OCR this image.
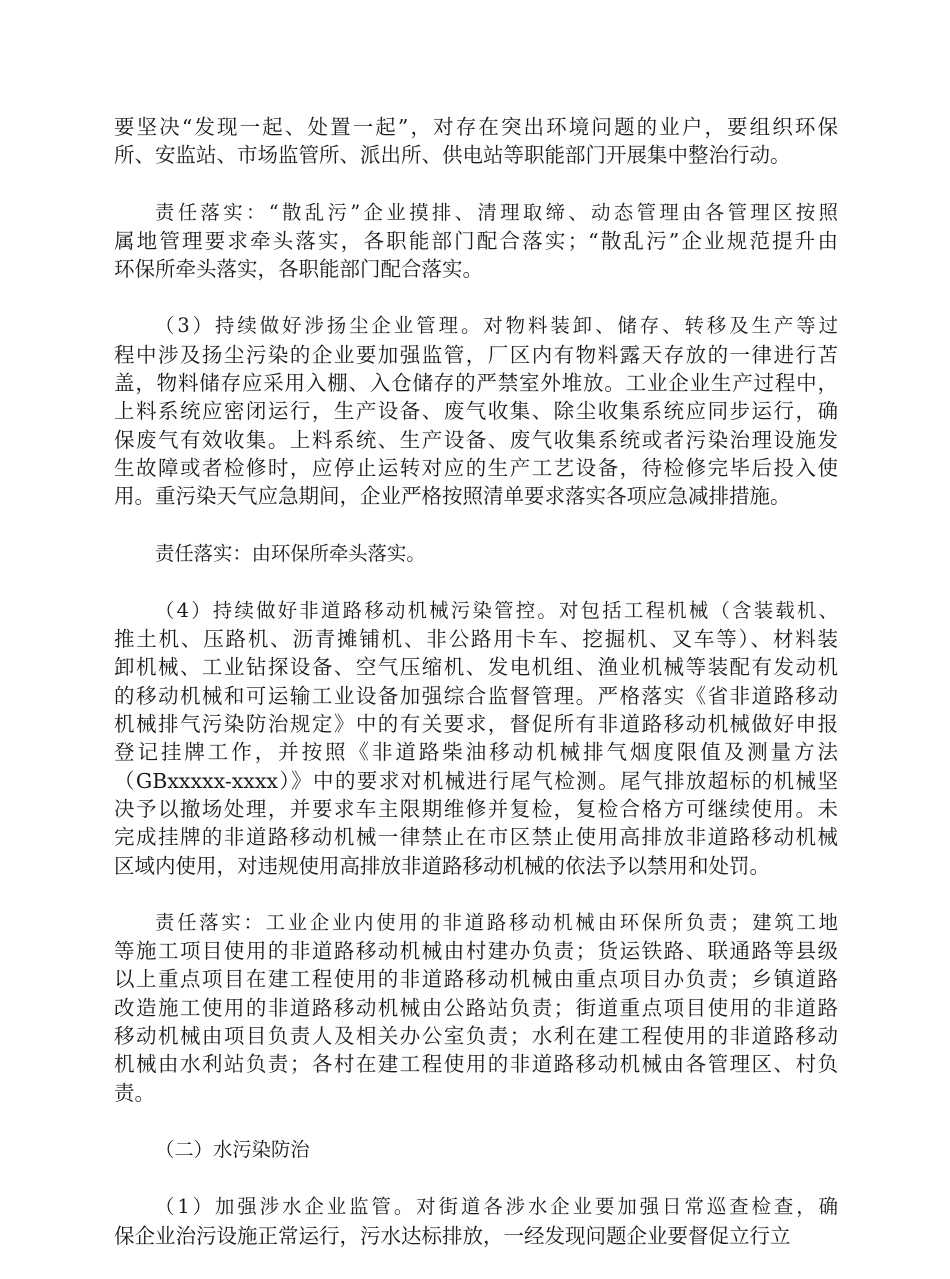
要坚决“发现一起、处置一起”，对存在突出环境问题的业户，要组织环保
所、安监站、市场监管所、派出所、供电站等职能部门开展集中整治行动。
责任落实：“散乱污”企业摸排、清理取缔、动态管理由各管理区按照
属地管理要求牵头落实，各职能部门配合落实；“散乱污”企业规范提升由
环保所牵头落实，各职能部门配合落实。
（3）持续做好涉扬尘企业管理。对物料装卸、储存、转移及生产等过
程中涉及扬尘污染的企业要加强监管，厂区内有物料露天存放的一律进行苫
盖，物料储存应采用入棚、入仓储存的严禁室外堆放。工业企业生产过程中，
上料系统应密闭运行，生产设备、废气收集、除尘收集系统应同步运行，确
保废气有效收集。上料系统、生产设备、废气收集系统或者污染治理设施发
生故障或者检修时，应停止运转对应的生产工艺设备，待检修完毕后投入使
用。重污染天气应急期间，企业严格按照清单要求落实各项应急减排措施。
责任落实：由环保所牵头落实。
（4）持续做好非道路移动机械污染管控。对包括工程机械（含装载机、
推土机、压路机、沥青摊铺机、非公路用卡车、挖掘机、叉车等）、材料装
卸机械、工业钻探设备、空气压缩机、发电机组、渔业机械等装配有发动机
的移动机械和可运输工业设备加强综合监督管理。严格落实《省非道路移动
机械排气污染防治规定》中的有关要求，督促所有非道路移动机械做好申报
登记挂牌工作，并按照《非道路柴油移动机械排气烟度限值及测量方法
（GBxxxxx-xxxx）》中的要求对机械进行尾气检测。尾气排放超标的机械坚
决予以撤场处理，并要求车主限期维修并复检，复检合格方可继续使用。未
完成挂牌的非道路移动机械一律禁止在市区禁止使用高排放非道路移动机械
区域内使用，对违规使用高排放非道路移动机械的依法予以禁用和处罚。
责任落实：工业企业内使用的非道路移动机械由环保所负责；建筑工地
等施工项目使用的非道路移动机械由村建办负责；货运铁路、联通路等县级
以上重点项目在建工程使用的非道路移动机械由重点项目办负责；乡镇道路
改造施工使用的非道路移动机械由公路站负责；街道重点项目使用的非道路
移动机械由项目负责人及相关办公室负责；水利在建工程使用的非道路移动
机械由水利站负责；各村在建工程使用的非道路移动机械由各管理区、村负
责。
（二）水污染防治
（1）加强涉水企业监管。对街道各涉水企业要加强日常巡查检查，确
保企业治污设施正常运行，污水达标排放，一经发现问题企业要督促立行立
